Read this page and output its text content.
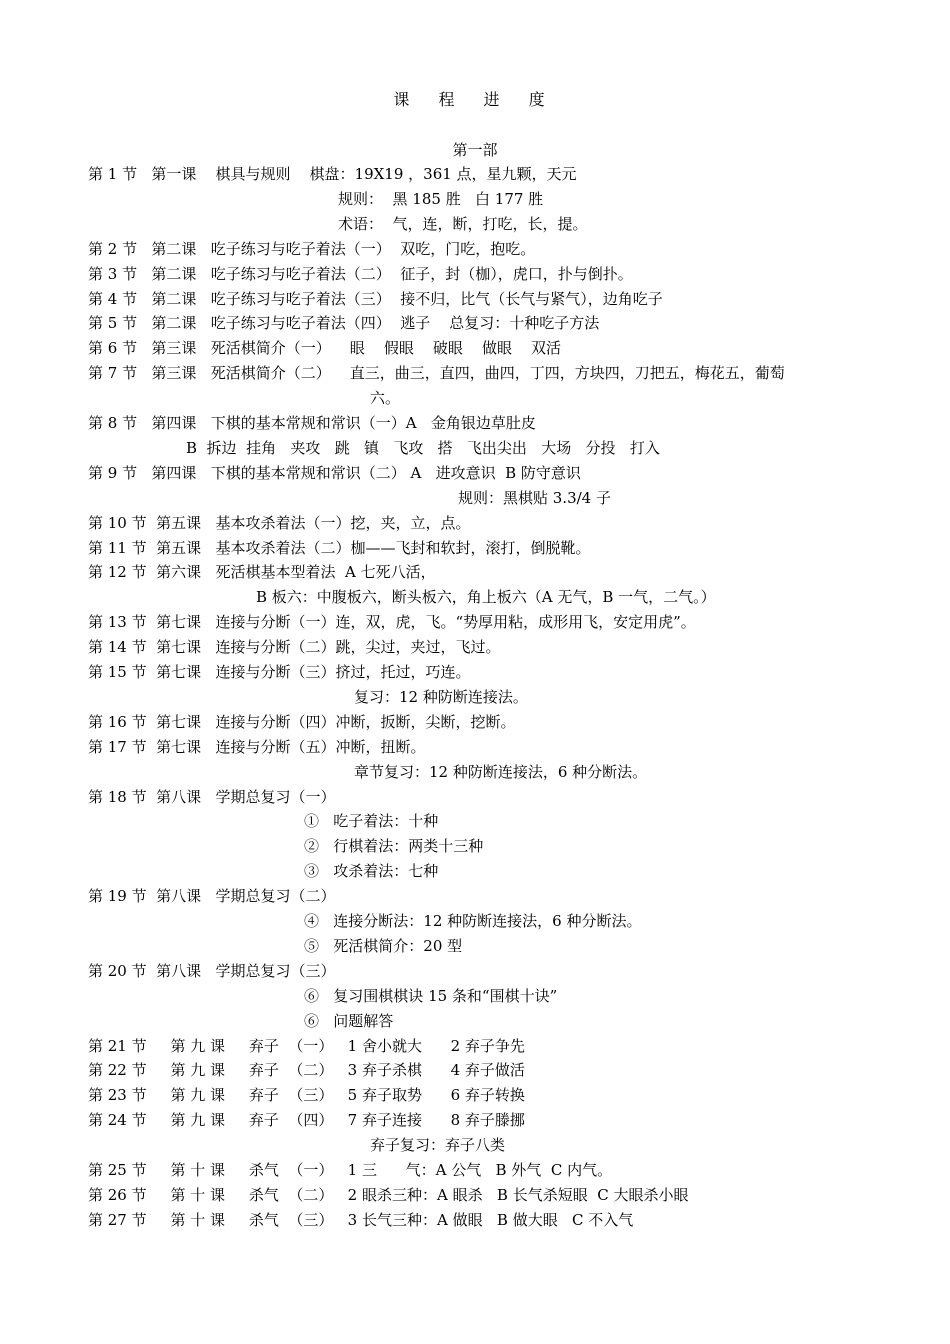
课 程 进 度
第一部
第 1 节   第一课    棋具与规则    棋盘：19X19 ，361 点，星九颗，天元
规则：  黑 185 胜   白 177 胜
术语：  气，连，断，打吃，长，提。
第 2 节   第二课   吃子练习与吃子着法（一）  双吃，门吃，抱吃。
第 3 节   第二课   吃子练习与吃子着法（二）  征子，封（枷），虎口，扑与倒扑。
第 4 节   第二课   吃子练习与吃子着法（三）  接不归，比气（长气与紧气），边角吃子
第 5 节   第二课   吃子练习与吃子着法（四）  逃子    总复习：十种吃子方法
第 6 节   第三课   死活棋简介（一）    眼    假眼    破眼    做眼    双活
第 7 节   第三课   死活棋简介（二）    直三，曲三，直四，曲四，丁四，方块四，刀把五，梅花五，葡萄
六。
第 8 节   第四课   下棋的基本常规和常识（一）A   金角银边草肚皮
B  拆边  挂角   夹攻   跳   镇   飞攻   搭   飞出尖出   大场   分投   打入
第 9 节   第四课   下棋的基本常规和常识（二） A   进攻意识  B 防守意识
规则：黑棋贴 3.3/4 子
第 10 节  第五课   基本攻杀着法（一）挖，夹，立，点。
第 11 节  第五课   基本攻杀着法（二）枷——飞封和软封，滚打，倒脱靴。
第 12 节  第六课   死活棋基本型着法  A 七死八活，
B 板六：中腹板六，断头板六，角上板六（A 无气，B 一气，二气。）
第 13 节  第七课   连接与分断（一）连，双，虎，飞。“势厚用粘，成形用飞，安定用虎”。
第 14 节  第七课   连接与分断（二）跳，尖过，夹过，飞过。
第 15 节  第七课   连接与分断（三）挤过，托过，巧连。
复习：12 种防断连接法。
第 16 节  第七课   连接与分断（四）冲断，扳断，尖断，挖断。
第 17 节  第七课   连接与分断（五）冲断，扭断。
章节复习：12 种防断连接法，6 种分断法。
第 18 节  第八课   学期总复习（一）
①   吃子着法：十种
②   行棋着法：两类十三种
③   攻杀着法：七种
第 19 节  第八课   学期总复习（二）
④   连接分断法：12 种防断连接法，6 种分断法。
⑤   死活棋简介：20 型
第 20 节  第八课   学期总复习（三）
⑥   复习围棋棋诀 15 条和“围棋十诀”
⑥   问题解答
第 21 节     第 九 课     弃子  （一）   1 舍小就大      2 弃子争先
第 22 节     第 九 课     弃子  （二）   3 弃子杀棋      4 弃子做活
第 23 节     第 九 课     弃子  （三）   5 弃子取势      6 弃子转换
第 24 节     第 九 课     弃子  （四）   7 弃子连接      8 弃子滕挪
弃子复习：弃子八类
第 25 节     第 十 课     杀气  （一）   1 三      气：A 公气   B 外气  C 内气。
第 26 节     第 十 课     杀气  （二）   2 眼杀三种：A 眼杀   B 长气杀短眼  C 大眼杀小眼
第 27 节     第 十 课     杀气  （三）   3 长气三种：A 做眼   B 做大眼   C 不入气
